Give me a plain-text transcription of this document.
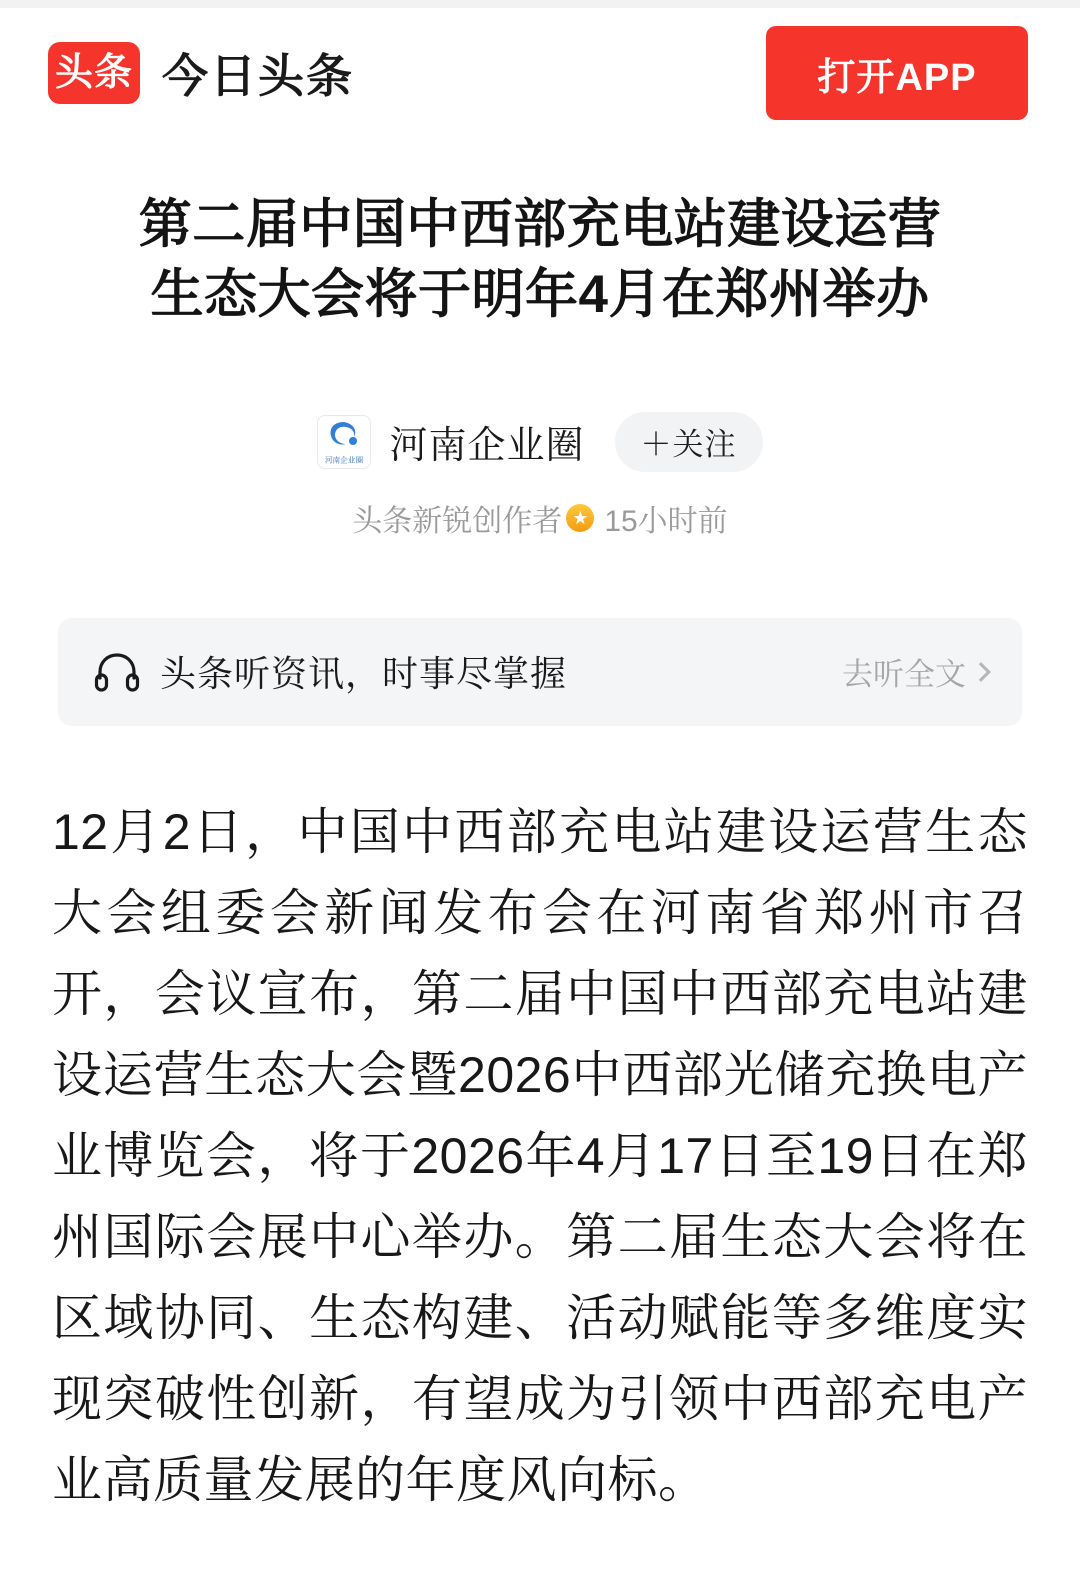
头条 今日头条	打开APP
第二届中国中西部充电站建设运营生态大会将于明年4月在郑州举办
河南企业圈 河南企业圈	＋关注
头条新锐创作者 ★ 15小时前
头条听资讯，时事尽掌握	去听全文
12月2日，中国中西部充电站建设运营生态大会组委会新闻发布会在河南省郑州市召开，会议宣布，第二届中国中西部充电站建设运营生态大会暨2026中西部光储充换电产业博览会，将于2026年4月17日至19日在郑州国际会展中心举办。第二届生态大会将在区域协同、生态构建、活动赋能等多维度实现突破性创新，有望成为引领中西部充电产业高质量发展的年度风向标。
